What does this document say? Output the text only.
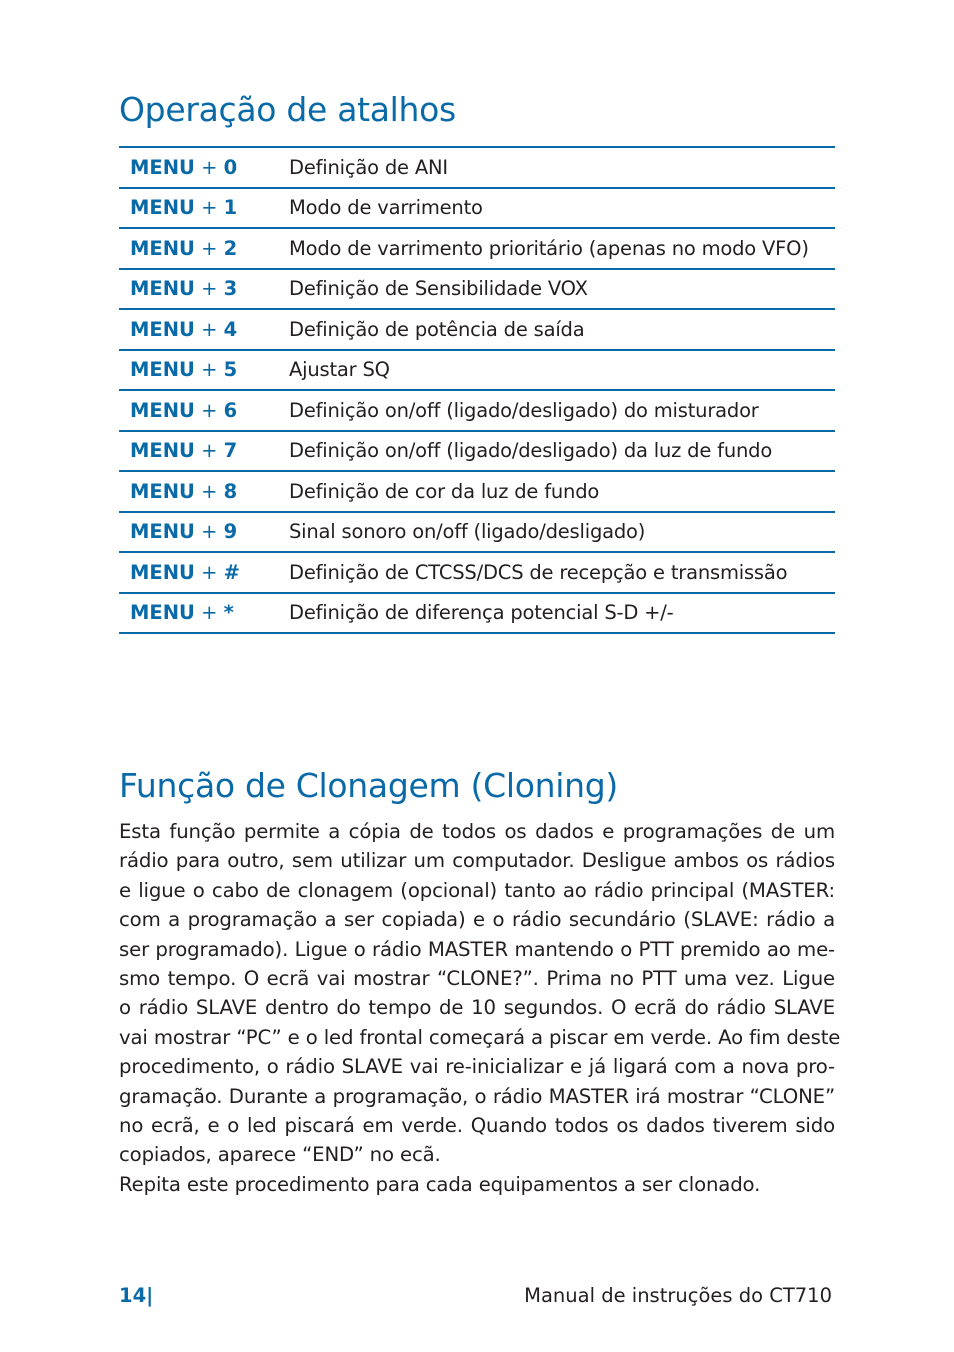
Operação de atalhos
MENU + 0	Definição de ANI
MENU + 1	Modo de varrimento
MENU + 2	Modo de varrimento prioritário (apenas no modo VFO)
MENU + 3	Definição de Sensibilidade VOX
MENU + 4	Definição de potência de saída
MENU + 5	Ajustar SQ
MENU + 6	Definição on/off (ligado/desligado) do misturador
MENU + 7	Definição on/off (ligado/desligado) da luz de fundo
MENU + 8	Definição de cor da luz de fundo
MENU + 9	Sinal sonoro on/off (ligado/desligado)
MENU + #	Definição de CTCSS/DCS de recepção e transmissão
MENU + *	Definição de diferença potencial S-D +/-
Função de Clonagem (Cloning)

Esta função permite a cópia de todos os dados e programações de um
rádio para outro, sem utilizar um computador. Desligue ambos os rádios
e ligue o cabo de clonagem (opcional) tanto ao rádio principal (MASTER:
com a programação a ser copiada) e o rádio secundário (SLAVE: rádio a
ser programado). Ligue o rádio MASTER mantendo o PTT premido ao me-
smo tempo. O ecrã vai mostrar “CLONE?”. Prima no PTT uma vez. Ligue
o rádio SLAVE dentro do tempo de 10 segundos. O ecrã do rádio SLAVE
vai mostrar “PC” e o led frontal começará a piscar em verde. Ao fim deste
procedimento, o rádio SLAVE vai re-inicializar e já ligará com a nova pro-
gramação. Durante a programação, o rádio MASTER irá mostrar “CLONE”
no ecrã, e o led piscará em verde. Quando todos os dados tiverem sido
copiados, aparece “END” no ecã.

Repita este procedimento para cada equipamentos a ser clonado.

14|	Manual de instruções do CT710
